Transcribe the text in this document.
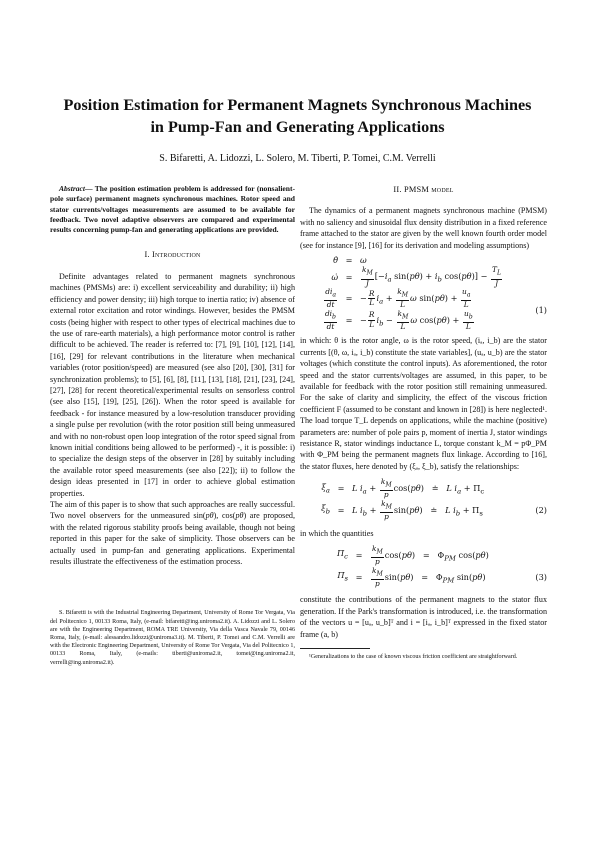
Position Estimation for Permanent Magnets Synchronous Machines
in Pump-Fan and Generating Applications
S. Bifaretti, A. Lidozzi, L. Solero, M. Tiberti, P. Tomei, C.M. Verrelli

Abstract— The position estimation problem is addressed for (nonsalient-pole surface) permanent magnets synchronous machines. Rotor speed and stator currents/voltages measurements are assumed to be available for feedback. Two novel adaptive observers are compared and experimental results concerning pump-fan and generating applications are provided.

I. Introduction

Definite advantages related to permanent magnets synchronous machines (PMSMs) are: i) excellent serviceability and durability; ii) high efficiency and power density; iii) high torque to inertia ratio; iv) absence of external rotor excitation and rotor windings. However, besides the PMSM costs (being higher with respect to other types of electrical machines due to the use of rare-earth materials), a high performance motor control is rather difficult to be achieved. The reader is referred to: [7], [9], [10], [12], [14], [16], [29] for relevant contributions in the literature when mechanical variables (rotor position/speed) are measured (see also [20], [30], [31] for synchronization problems); to [5], [6], [8], [11], [13], [18], [21], [23], [24], [27], [28] for recent theoretical/experimental results on sensorless control (see also [15], [19], [25], [26]). When the rotor speed is available for feedback - for instance measured by a low-resolution transducer providing a single pulse per revolution (with the rotor position still being unmeasured and with no non-robust open loop integration of the rotor speed signal from known initial conditions being allowed to be performed) -, it is possible: i) to specialize the design steps of the observer in [28] by suitably including the available rotor speed measurements (see also [22]); ii) to follow the design ideas presented in [17] in order to achieve global estimation properties.

The aim of this paper is to show that such approaches are really successful. Two novel observers for the unmeasured sin(pθ), cos(pθ) are proposed, with the related rigorous stability proofs being available, though not being reported in this paper for the sake of simplicity. Those observers can be actually used in pump-fan and generating applications. Experimental results illustrate the effectiveness of the estimation process.

S. Bifaretti is with the Industrial Engineering Department, University of Rome Tor Vergata, Via del Politecnico 1, 00133 Roma, Italy, (e-mail: bifaretti@ing.uniroma2.it). A. Lidozzi and L. Solero are with the Engineering Department, ROMA TRE University, Via della Vasca Navale 79, 00146 Roma, Italy, (e-mail: alessandro.lidozzi@uniroma3.it). M. Tiberti, P. Tomei and C.M. Verrelli are with the Electronic Engineering Department, University of Rome Tor Vergata, Via del Politecnico 1, 00133 Roma, Italy, (e-mails: tiberti@uniroma2.it, tomei@ing.uniroma2.it, verrelli@ing.uniroma2.it).

II. PMSM model

The dynamics of a permanent magnets synchronous machine (PMSM) with no saliency and sinusoidal flux density distribution in a fixed reference frame attached to the stator are given by the well known fourth order model (see for instance [9], [16] for its derivation and modeling assumptions)

θ̇ = ω
ω̇ =	$\frac{k_M}{J} [-i_a$ $\sin(p\theta) + i_b$ $\cos(p\theta)] - \frac{T_L}{J}$
$\frac{di_a}{dt}$	= − $\frac{R}{L} i_a + \frac{k_M}{L}$ ω $\sin(p\theta) + \frac{u_a}{L}$
(1)
$\frac{di_b}{dt}$	= − $\frac{R}{L} i_b - \frac{k_M}{L}$ ω $\cos(p\theta) + \frac{u_b}{L}$

in which: θ is the rotor angle, ω is the rotor speed, (iₐ, i_b) are the stator currents [(θ, ω, iₐ, i_b) constitute the state variables], (uₐ, u_b) are the stator voltages (which constitute the control inputs). As aforementioned, the rotor speed and the stator currents/voltages are assumed, in this paper, to be available for feedback with the rotor position still remaining unmeasured. For the sake of clarity and simplicity, the effect of the viscous friction coefficient F (assumed to be constant and known in [28]) is here neglected¹. The load torque T_L depends on applications, while the machine (positive) parameters are: number of pole pairs p, moment of inertia J, stator windings resistance R, stator windings inductance L, torque constant k_M = pΦ_PM with Φ_PM being the permanent magnets flux linkage. According to [16], the stator fluxes, here denoted by (ξₐ, ξ_b), satisfy the relationships:

$\xi_a = L$ $i_a + \frac{k_M}{p} \cos(p\theta)$   ≐   L $i_a + \Pi_c$
$\xi_b = L$ $i_b + \frac{k_M}{p} \sin(p\theta)$   ≐   L $i_b + \Pi_s$	(2)

in which the quantities

$\Pi_c$ =	$\frac{k_M}{p} \cos(p\theta) = \Phi_{PM}$ cos(pθ)
$\Pi_s$ =	$\frac{k_M}{p} \sin(p\theta) = \Phi_{PM}$ sin(pθ)	(3)

constitute the contributions of the permanent magnets to the stator flux generation. If the Park's transformation is introduced, i.e. the transformation of the vectors u = [uₐ, u_b]ᵀ and i = [iₐ, i_b]ᵀ expressed in the fixed stator frame (a, b)

¹Generalizations to the case of known viscous friction coefficient are straightforward.
